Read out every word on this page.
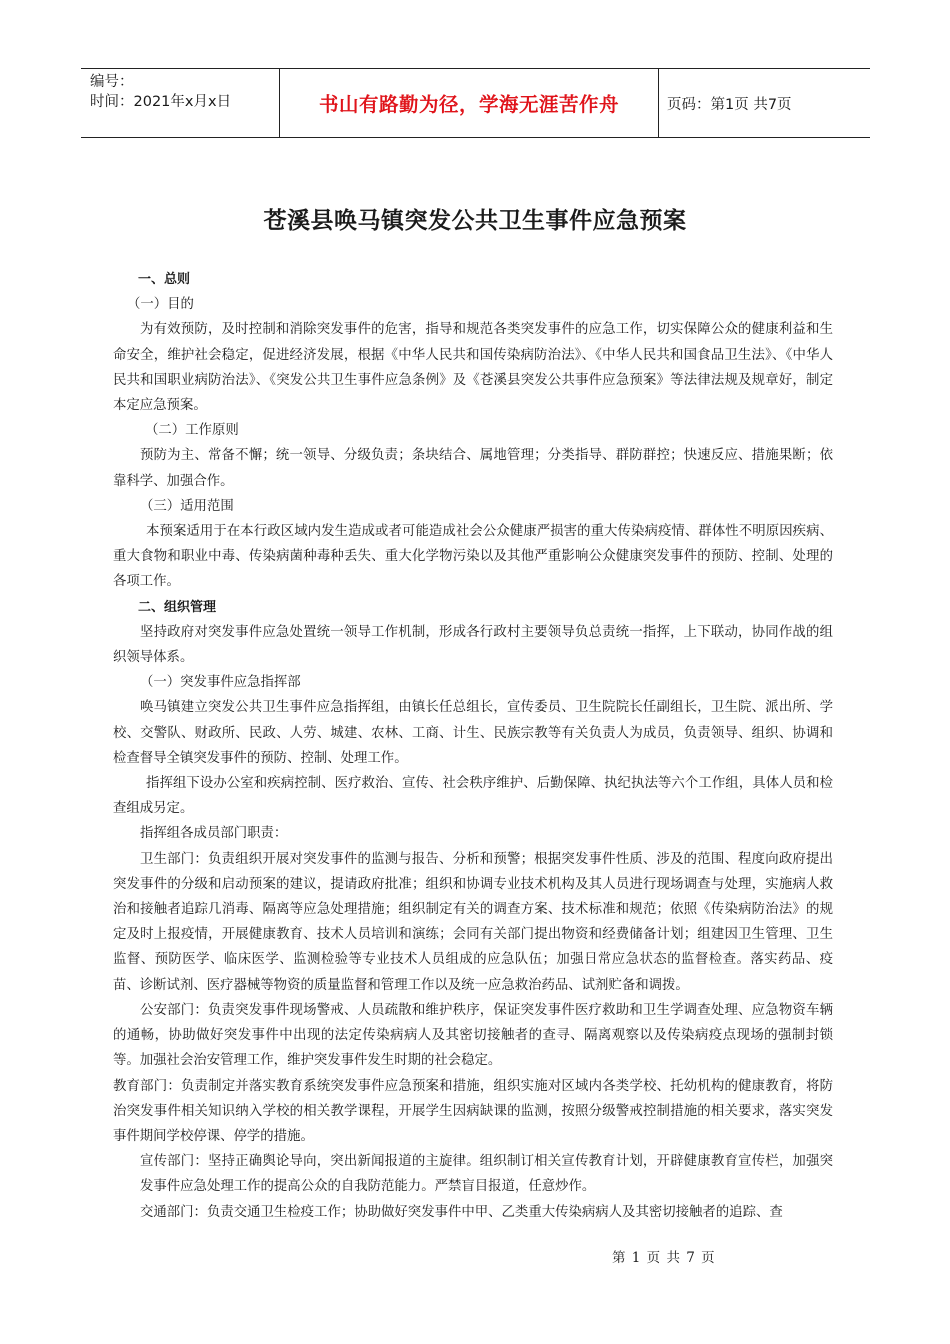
编号：
时间：2021年x月x日	书山有路勤为径，学海无涯苦作舟	页码：第1页 共7页
苍溪县唤马镇突发公共卫生事件应急预案

一、总则

（一）目的

为有效预防，及时控制和消除突发事件的危害，指导和规范各类突发事件的应急工作，切实保障公众的健康利益和生命安全，维护社会稳定，促进经济发展，根据《中华人民共和国传染病防治法》、《中华人民共和国食品卫生法》、《中华人民共和国职业病防治法》、《突发公共卫生事件应急条例》及《苍溪县突发公共事件应急预案》等法律法规及规章好，制定本定应急预案。

（二）工作原则

预防为主、常备不懈；统一领导、分级负责；条块结合、属地管理；分类指导、群防群控；快速反应、措施果断；依靠科学、加强合作。

（三）适用范围

本预案适用于在本行政区域内发生造成或者可能造成社会公众健康严损害的重大传染病疫情、群体性不明原因疾病、重大食物和职业中毒、传染病菌种毒种丢失、重大化学物污染以及其他严重影响公众健康突发事件的预防、控制、处理的各项工作。

二、组织管理

坚持政府对突发事件应急处置统一领导工作机制，形成各行政村主要领导负总责统一指挥，上下联动，协同作战的组织领导体系。

（一）突发事件应急指挥部

唤马镇建立突发公共卫生事件应急指挥组，由镇长任总组长，宣传委员、卫生院院长任副组长，卫生院、派出所、学校、交警队、财政所、民政、人劳、城建、农林、工商、计生、民族宗教等有关负责人为成员，负责领导、组织、协调和检查督导全镇突发事件的预防、控制、处理工作。

指挥组下设办公室和疾病控制、医疗救治、宣传、社会秩序维护、后勤保障、执纪执法等六个工作组，具体人员和检查组成另定。

指挥组各成员部门职责：

卫生部门：负责组织开展对突发事件的监测与报告、分析和预警；根据突发事件性质、涉及的范围、程度向政府提出突发事件的分级和启动预案的建议，提请政府批准；组织和协调专业技术机构及其人员进行现场调查与处理，实施病人救治和接触者追踪几消毒、隔离等应急处理措施；组织制定有关的调查方案、技术标准和规范；依照《传染病防治法》的规定及时上报疫情，开展健康教育、技术人员培训和演练；会同有关部门提出物资和经费储备计划；组建因卫生管理、卫生监督、预防医学、临床医学、监测检验等专业技术人员组成的应急队伍；加强日常应急状态的监督检查。落实药品、疫苗、诊断试剂、医疗器械等物资的质量监督和管理工作以及统一应急救治药品、试剂贮备和调拨。

公安部门：负责突发事件现场警戒、人员疏散和维护秩序，保证突发事件医疗救助和卫生学调查处理、应急物资车辆的通畅，协助做好突发事件中出现的法定传染病病人及其密切接触者的查寻、隔离观察以及传染病疫点现场的强制封锁等。加强社会治安管理工作，维护突发事件发生时期的社会稳定。

教育部门：负责制定并落实教育系统突发事件应急预案和措施，组织实施对区域内各类学校、托幼机构的健康教育，将防治突发事件相关知识纳入学校的相关教学课程，开展学生因病缺课的监测，按照分级警戒控制措施的相关要求，落实突发事件期间学校停课、停学的措施。

宣传部门：坚持正确舆论导向，突出新闻报道的主旋律。组织制订相关宣传教育计划，开辟健康教育宣传栏，加强突发事件应急处理工作的提高公众的自我防范能力。严禁盲目报道，任意炒作。

交通部门：负责交通卫生检疫工作；协助做好突发事件中甲、乙类重大传染病病人及其密切接触者的追踪、查

第 1 页 共 7 页
